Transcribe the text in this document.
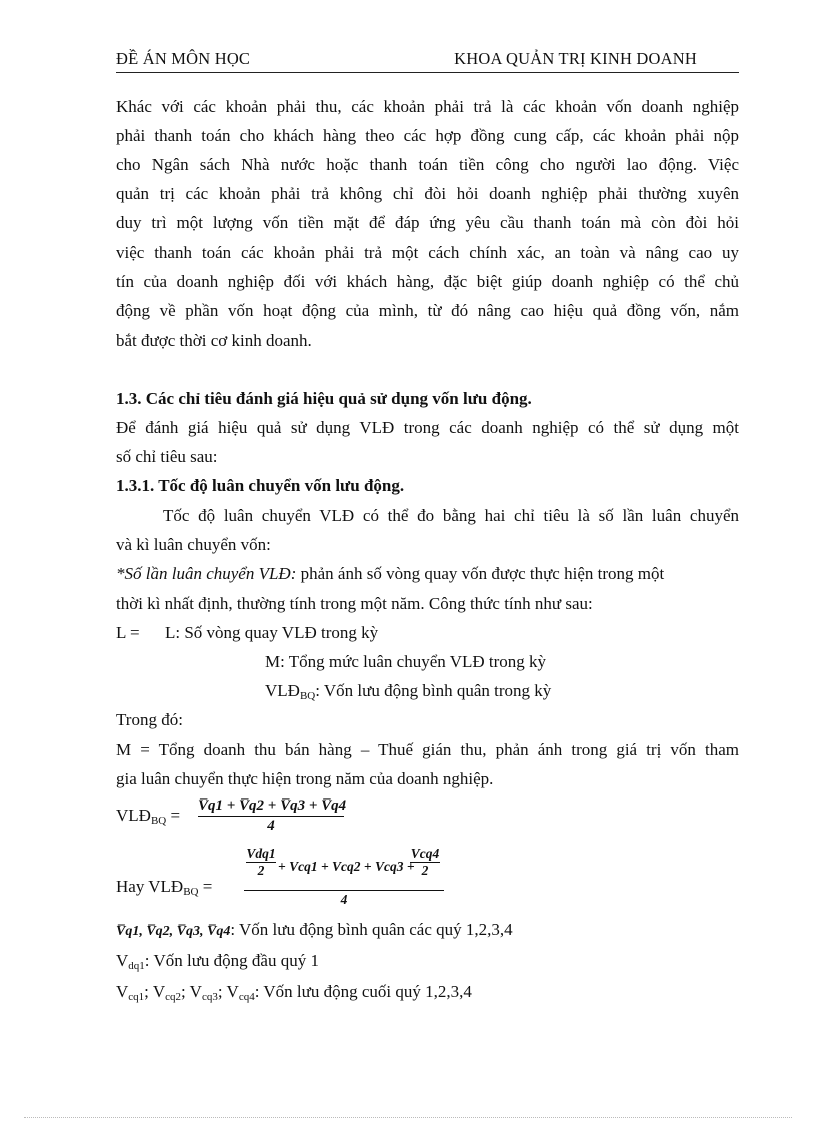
ĐỀ ÁN MÔN HỌC	KHOA QUẢN TRỊ KINH DOANH

Khác với các khoản phải thu, các khoản phải trả là các khoản vốn doanh nghiệp

phải thanh toán cho khách hàng theo các hợp đồng cung cấp, các khoản phải nộp

cho Ngân sách Nhà nước hoặc thanh toán tiền công cho người lao động. Việc

quản trị các khoản phải trả không chỉ đòi hỏi doanh nghiệp phải thường xuyên

duy trì một lượng vốn tiền mặt để đáp ứng yêu cầu thanh toán mà còn đòi hỏi

việc thanh toán các khoản phải trả một cách chính xác, an toàn và nâng cao uy

tín của doanh nghiệp đối với khách hàng, đặc biệt giúp doanh nghiệp có thể chủ

động về phần vốn hoạt động của mình, từ đó nâng cao hiệu quả đồng vốn, nắm

bắt được thời cơ kinh doanh.

1.3. Các chỉ tiêu đánh giá hiệu quả sử dụng vốn lưu động.

Để đánh giá hiệu quả sử dụng VLĐ trong các doanh nghiệp có thể sử dụng một

số chỉ tiêu sau:

1.3.1. Tốc độ luân chuyển vốn lưu động.

Tốc độ luân chuyển VLĐ có thể đo bằng hai chỉ tiêu là số lần luân chuyển

và kì luân chuyển vốn:

*Số lần luân chuyển VLĐ: phản ánh số vòng quay vốn được thực hiện trong một

thời kì nhất định, thường tính trong một năm. Công thức tính như sau:

L = L: Số vòng quay VLĐ trong kỳ

M: Tổng mức luân chuyển VLĐ trong kỳ

$VLĐ_{BQ}$: Vốn lưu động bình quân trong kỳ

Trong đó:

M = Tổng doanh thu bán hàng – Thuế gián thu, phản ánh trong giá trị vốn tham

gia luân chuyển thực hiện trong năm của doanh nghiệp.

$VLĐ_{BQ} = \frac{V̅q1 + V̅q2 + V̅q3 + V̅q4}{4}$

Hay $VLĐ_{BQ}$ =

Vdq1
2	+ Vcq1 + Vcq2 + Vcq3 +
Vcq4
2
4

V̅q1, V̅q2, V̅q3, V̅q4: Vốn lưu động bình quân các quý 1,2,3,4

$V_{dq1}$: Vốn lưu động đầu quý 1

$V_{cq1}$; $V_{cq2}$; $V_{cq3}$; $V_{cq4}$: Vốn lưu động cuối quý 1,2,3,4
